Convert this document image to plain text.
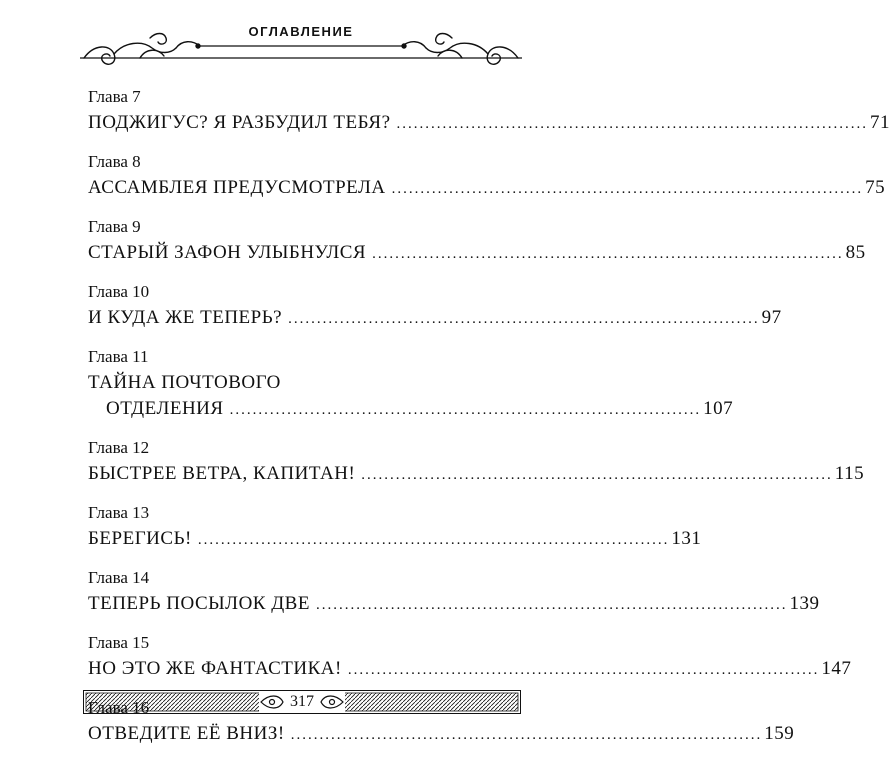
ОГЛАВЛЕНИЕ
Глава 7
ПОДЖИГУС? Я РАЗБУДИЛ ТЕБЯ? .................................................................................. 71
Глава 8
АССАМБЛЕЯ ПРЕДУСМОТРЕЛА .................................................................................. 75
Глава 9
СТАРЫЙ ЗАФОН УЛЫБНУЛСЯ .................................................................................. 85
Глава 10
И КУДА ЖЕ ТЕПЕРЬ? .................................................................................. 97
Глава 11
ТАЙНА ПОЧТОВОГО
ОТДЕЛЕНИЯ .................................................................................. 107
Глава 12
БЫСТРЕЕ ВЕТРА, КАПИТАН! .................................................................................. 115
Глава 13
БЕРЕГИСЬ! .................................................................................. 131
Глава 14
ТЕПЕРЬ ПОСЫЛОК ДВЕ .................................................................................. 139
Глава 15
НО ЭТО ЖЕ ФАНТАСТИКА! .................................................................................. 147
ОТВЕДИТЕ ЕЁ ВНИЗ! .................................................................................. 159
317
